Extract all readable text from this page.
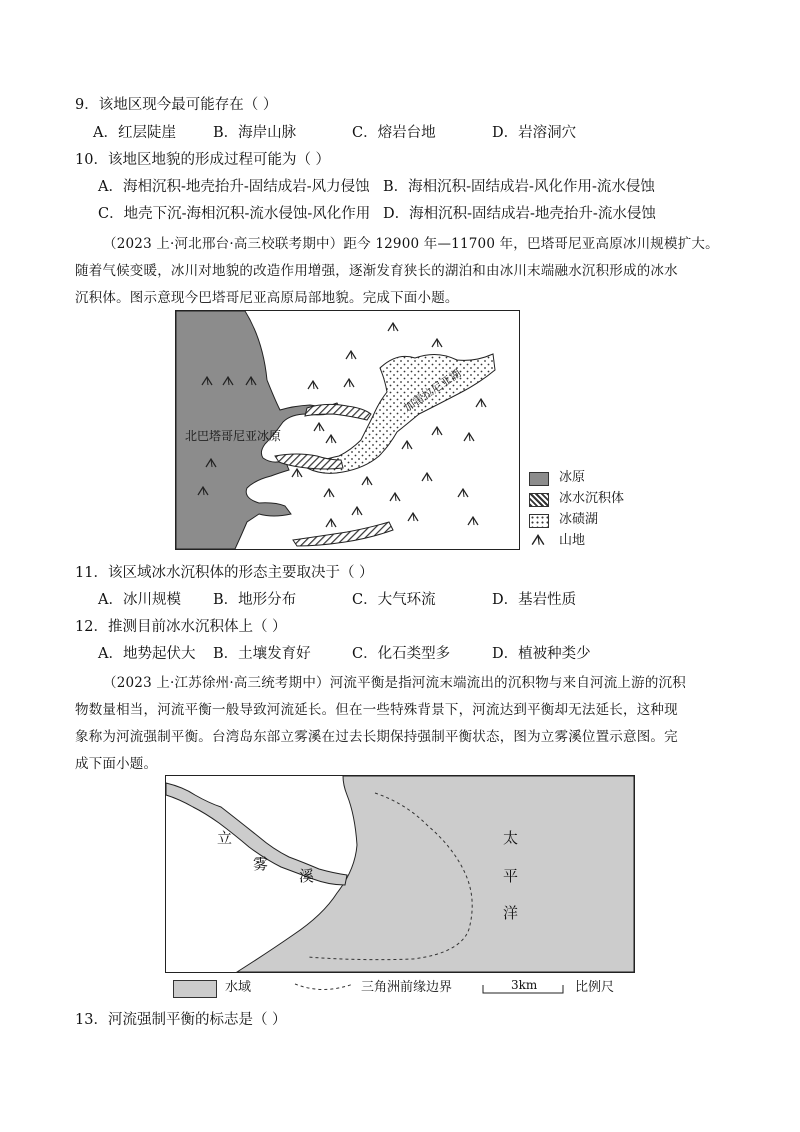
9．该地区现今最可能存在（ ）
A．红层陡崖	B．海岸山脉	C．熔岩台地	D．岩溶洞穴
10．该地区地貌的形成过程可能为（ ）
A．海相沉积-地壳抬升-固结成岩-风力侵蚀 B．海相沉积-固结成岩-风化作用-流水侵蚀
C．地壳下沉-海相沉积-流水侵蚀-风化作用 D．海相沉积-固结成岩-地壳抬升-流水侵蚀
（2023 上·河北邢台·高三校联考期中）距今 12900 年—11700 年，巴塔哥尼亚高原冰川规模扩大。
随着气候变暖，冰川对地貌的改造作用增强，逐渐发育狭长的湖泊和由冰川末端融水沉积形成的冰水
沉积体。图示意现今巴塔哥尼亚高原局部地貌。完成下面小题。
北巴塔哥尼亚冰原
加雷拉尼亚湖
冰原
冰水沉积体
冰碛湖
山地
11．该区域冰水沉积体的形态主要取决于（ ）
A．冰川规模 B．地形分布	C．大气环流	D．基岩性质
12．推测目前冰水沉积体上（ ）
A．地势起伏大 B．土壤发育好	C．化石类型多	D．植被种类少
（2023 上·江苏徐州·高三统考期中）河流平衡是指河流末端流出的沉积物与来自河流上游的沉积
物数量相当，河流平衡一般导致河流延长。但在一些特殊背景下，河流达到平衡却无法延长，这种现
象称为河流强制平衡。台湾岛东部立雾溪在过去长期保持强制平衡状态，图为立雾溪位置示意图。完
成下面小题。
立
雾
溪
太
平
洋
水域	三角洲前缘边界	3km	比例尺
13．河流强制平衡的标志是（ ）
